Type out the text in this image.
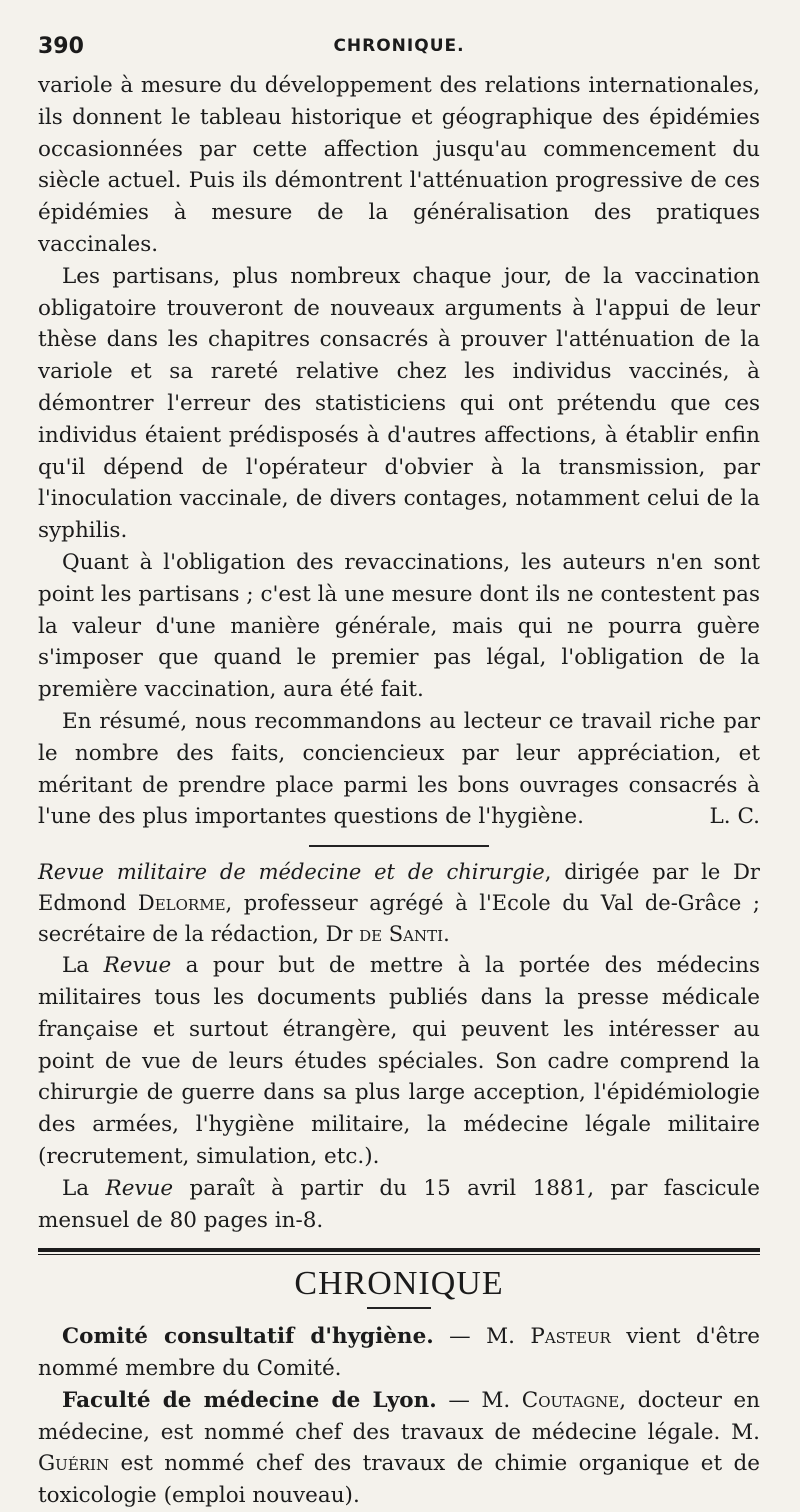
390	CHRONIQUE.

variole à mesure du développement des relations internationales, ils donnent le tableau historique et géographique des épidémies occasionnées par cette affection jusqu'au commencement du siècle actuel. Puis ils démontrent l'atténuation progressive de ces épidémies à mesure de la généralisation des pratiques vaccinales.

Les partisans, plus nombreux chaque jour, de la vaccination obligatoire trouveront de nouveaux arguments à l'appui de leur thèse dans les chapitres consacrés à prouver l'atténuation de la variole et sa rareté relative chez les individus vaccinés, à démontrer l'erreur des statisticiens qui ont prétendu que ces individus étaient prédisposés à d'autres affections, à établir enfin qu'il dépend de l'opérateur d'obvier à la transmission, par l'inoculation vaccinale, de divers contages, notamment celui de la syphilis.

Quant à l'obligation des revaccinations, les auteurs n'en sont point les partisans ; c'est là une mesure dont ils ne contestent pas la valeur d'une manière générale, mais qui ne pourra guère s'imposer que quand le premier pas légal, l'obligation de la première vaccination, aura été fait.

En résumé, nous recommandons au lecteur ce travail riche par le nombre des faits, conciencieux par leur appréciation, et méritant de prendre place parmi les bons ouvrages consacrés à l'une des plus importantes questions de l'hygiène.	L. C.

Revue militaire de médecine et de chirurgie, dirigée par le Dr Edmond Delorme, professeur agrégé à l'Ecole du Val de-Grâce ; secrétaire de la rédaction, Dr de Santi.

La Revue a pour but de mettre à la portée des médecins militaires tous les documents publiés dans la presse médicale française et surtout étrangère, qui peuvent les intéresser au point de vue de leurs études spéciales. Son cadre comprend la chirurgie de guerre dans sa plus large acception, l'épidémiologie des armées, l'hygiène militaire, la médecine légale militaire (recrutement, simulation, etc.).

La Revue paraît à partir du 15 avril 1881, par fascicule mensuel de 80 pages in-8.

CHRONIQUE

Comité consultatif d'hygiène. — M. Pasteur vient d'être nommé membre du Comité.

Faculté de médecine de Lyon. — M. Coutagne, docteur en médecine, est nommé chef des travaux de médecine légale. M. Guérin est nommé chef des travaux de chimie organique et de toxicologie (emploi nouveau).
